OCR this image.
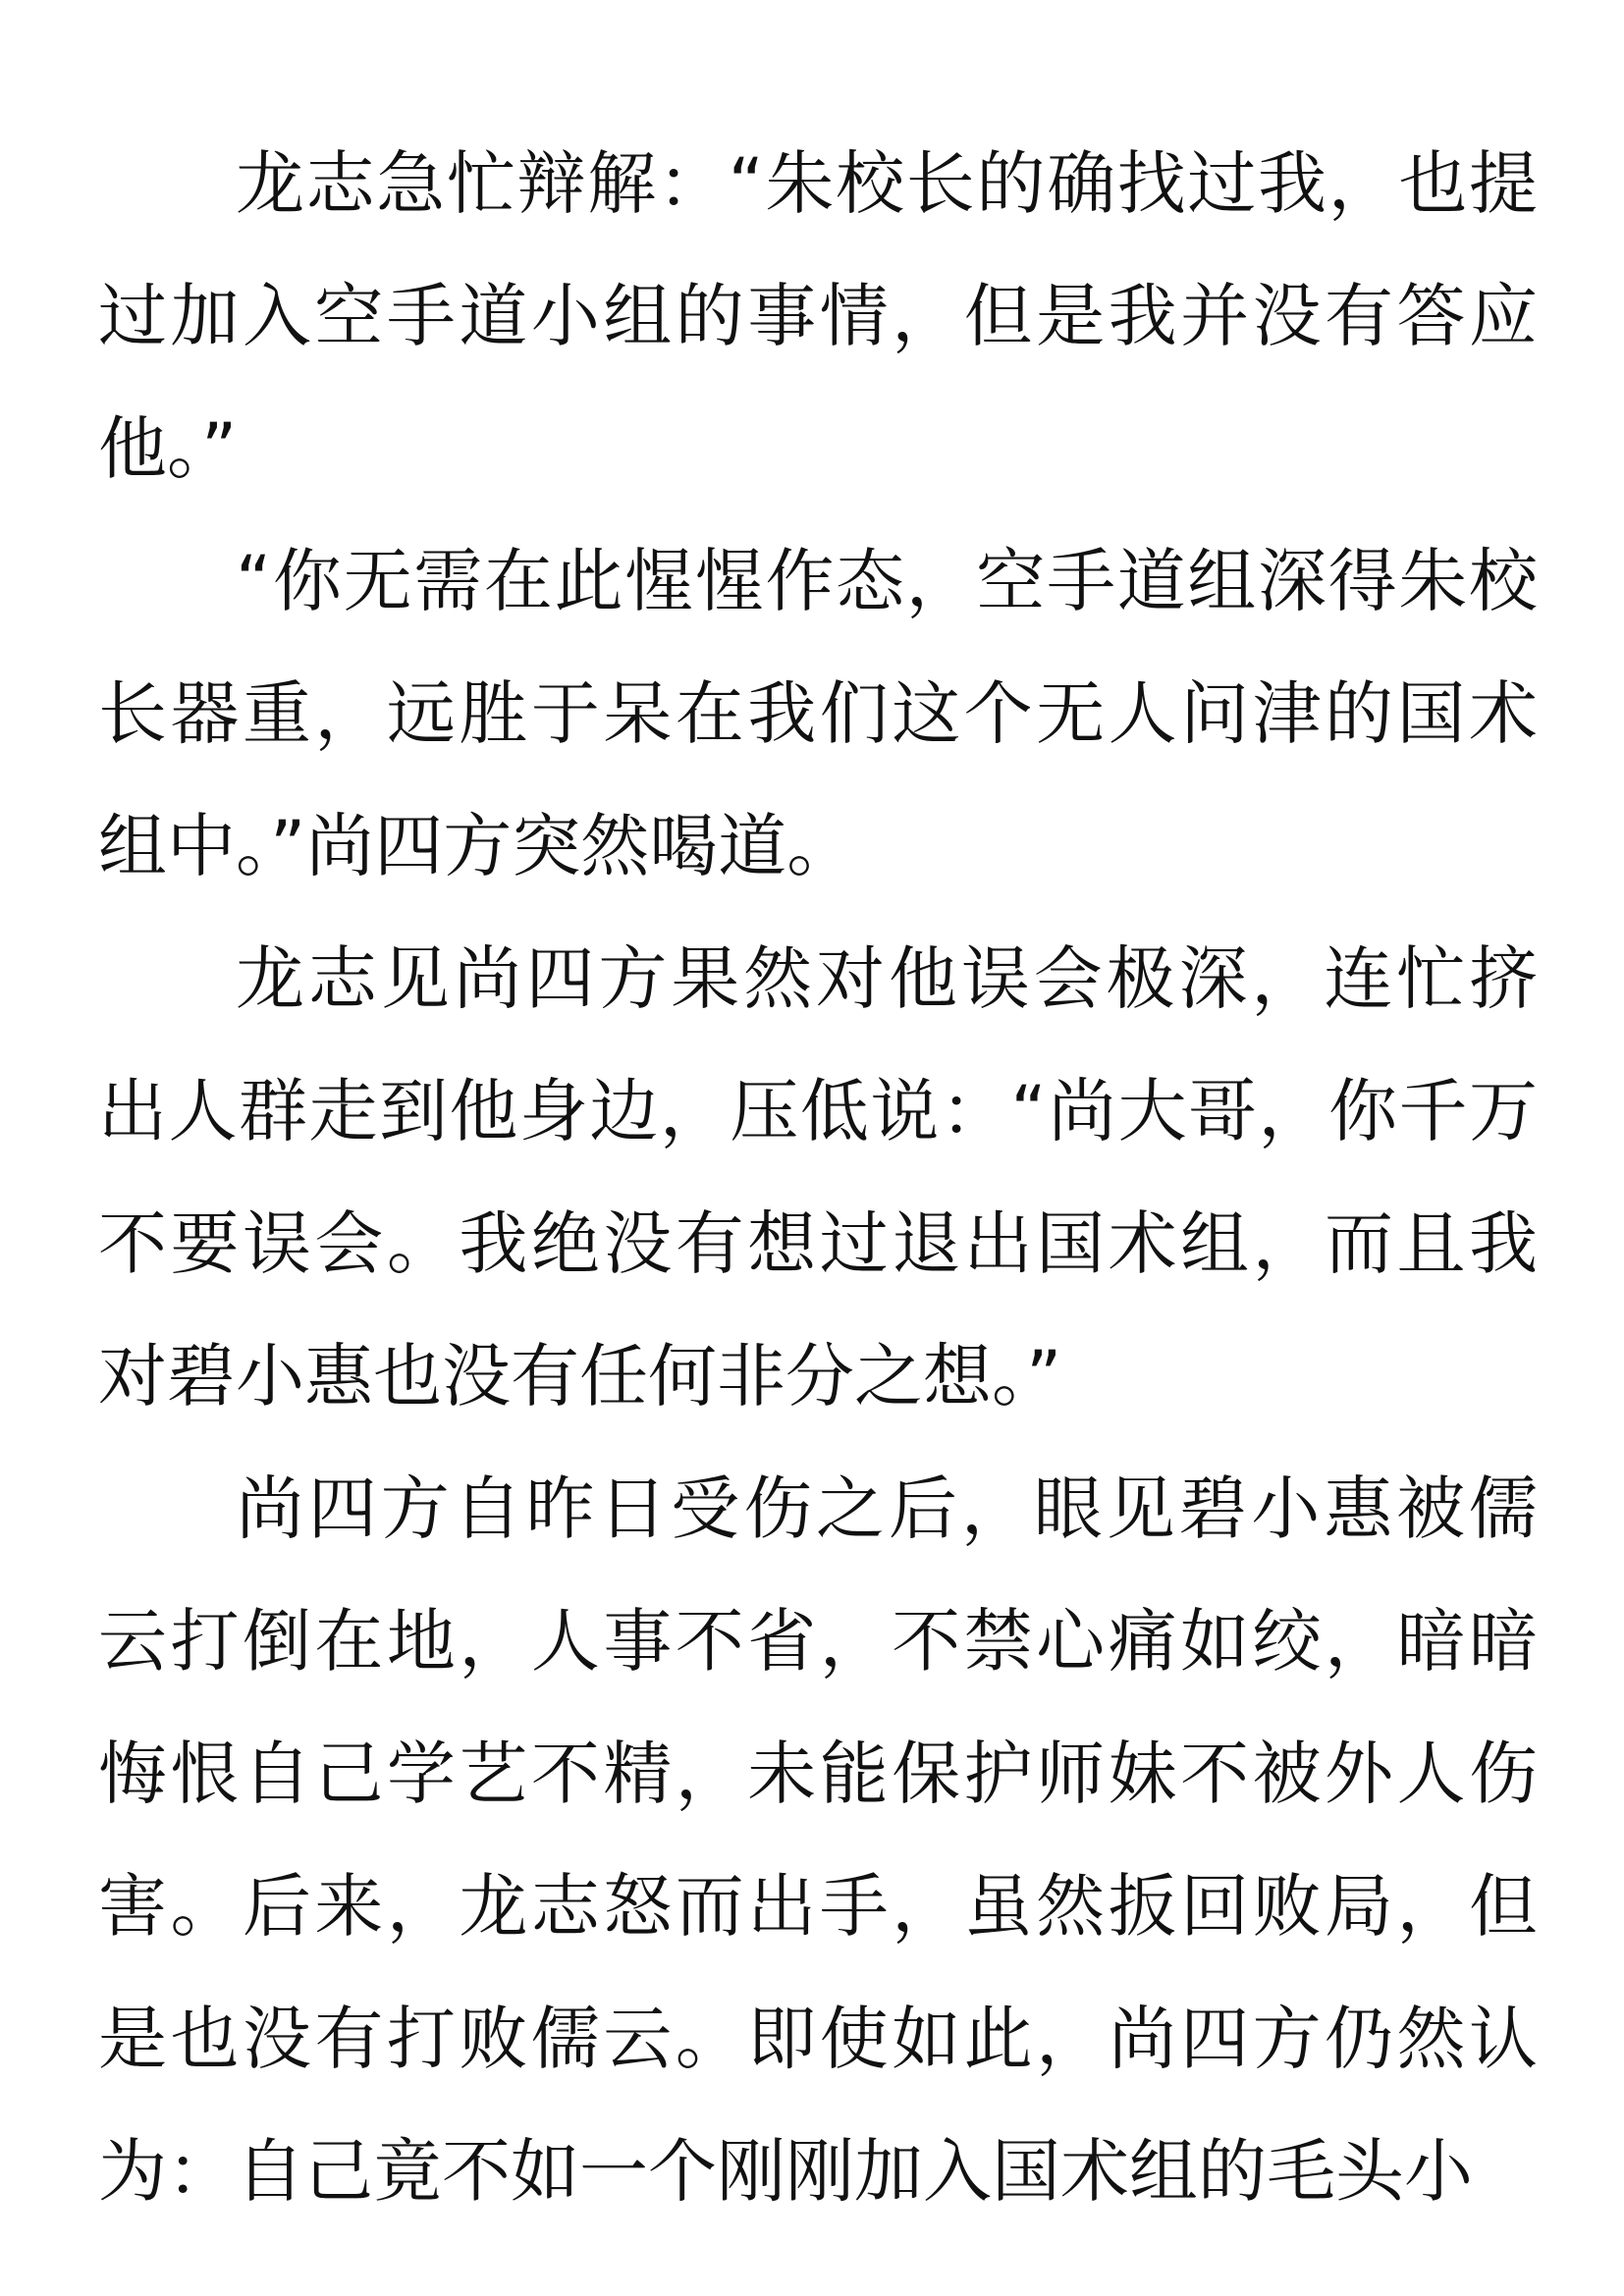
龙志急忙辩解：“朱校长的确找过我，也提过加入空手道小组的事情，但是我并没有答应他。”

“你无需在此惺惺作态，空手道组深得朱校长器重，远胜于呆在我们这个无人问津的国术组中。”尚四方突然喝道。

龙志见尚四方果然对他误会极深，连忙挤出人群走到他身边，压低说：“尚大哥，你千万不要误会。我绝没有想过退出国术组，而且我对碧小惠也没有任何非分之想。”

尚四方自昨日受伤之后，眼见碧小惠被儒云打倒在地，人事不省，不禁心痛如绞，暗暗悔恨自己学艺不精，未能保护师妹不被外人伤害。后来，龙志怒而出手，虽然扳回败局，但是也没有打败儒云。即使如此，尚四方仍然认为：自己竟不如一个刚刚加入国术组的毛头小
